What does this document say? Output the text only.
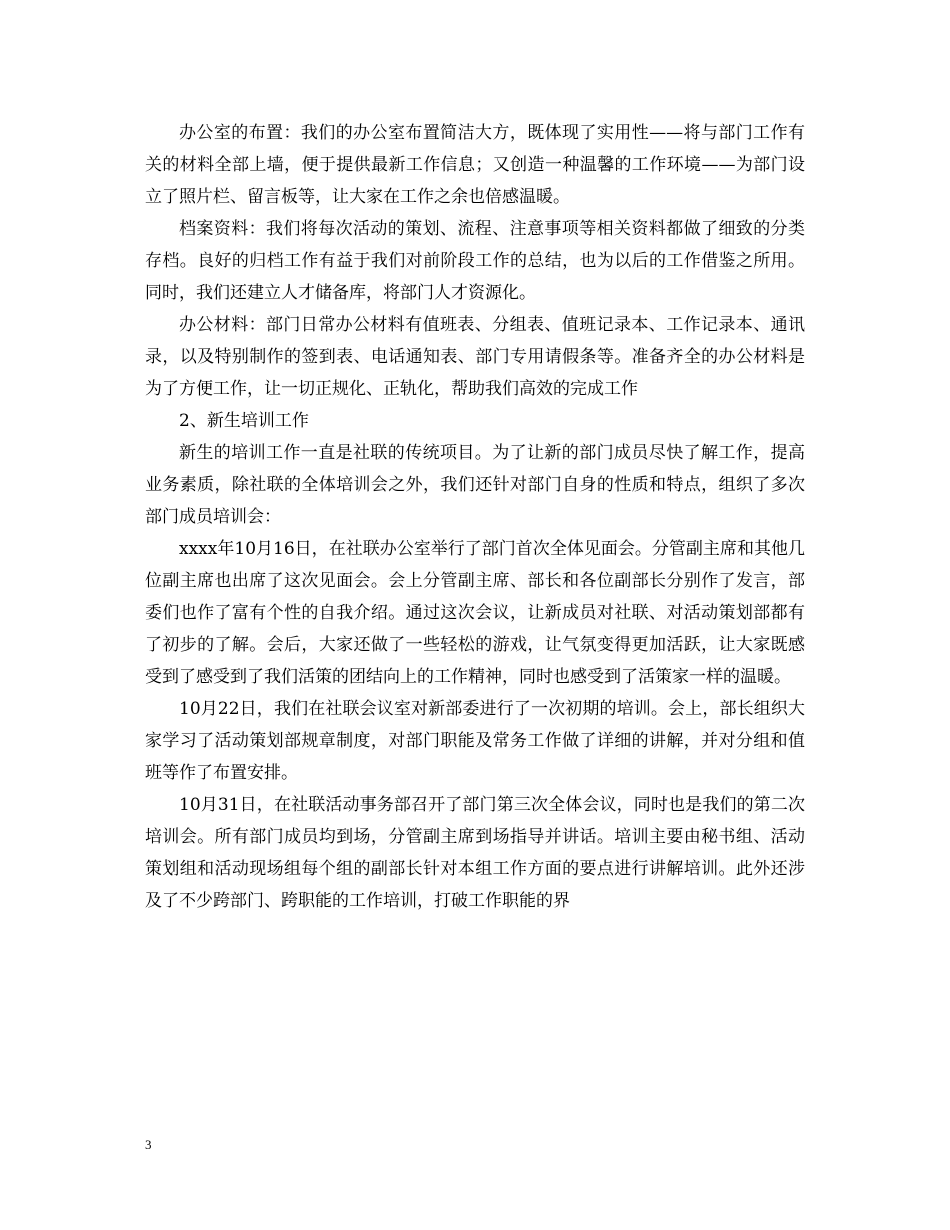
办公室的布置：我们的办公室布置简洁大方，既体现了实用性——将与部门工作有关的材料全部上墙，便于提供最新工作信息；又创造一种温馨的工作环境——为部门设立了照片栏、留言板等，让大家在工作之余也倍感温暖。

档案资料：我们将每次活动的策划、流程、注意事项等相关资料都做了细致的分类存档。良好的归档工作有益于我们对前阶段工作的总结，也为以后的工作借鉴之所用。同时，我们还建立人才储备库，将部门人才资源化。

办公材料：部门日常办公材料有值班表、分组表、值班记录本、工作记录本、通讯录，以及特别制作的签到表、电话通知表、部门专用请假条等。准备齐全的办公材料是为了方便工作，让一切正规化、正轨化，帮助我们高效的完成工作

2、新生培训工作

新生的培训工作一直是社联的传统项目。为了让新的部门成员尽快了解工作，提高业务素质，除社联的全体培训会之外，我们还针对部门自身的性质和特点，组织了多次部门成员培训会：

xxxx年10月16日，在社联办公室举行了部门首次全体见面会。分管副主席和其他几位副主席也出席了这次见面会。会上分管副主席、部长和各位副部长分别作了发言，部委们也作了富有个性的自我介绍。通过这次会议，让新成员对社联、对活动策划部都有了初步的了解。会后，大家还做了一些轻松的游戏，让气氛变得更加活跃，让大家既感受到了感受到了我们活策的团结向上的工作精神，同时也感受到了活策家一样的温暖。

10月22日，我们在社联会议室对新部委进行了一次初期的培训。会上，部长组织大家学习了活动策划部规章制度，对部门职能及常务工作做了详细的讲解，并对分组和值班等作了布置安排。

10月31日，在社联活动事务部召开了部门第三次全体会议，同时也是我们的第二次培训会。所有部门成员均到场，分管副主席到场指导并讲话。培训主要由秘书组、活动策划组和活动现场组每个组的副部长针对本组工作方面的要点进行讲解培训。此外还涉及了不少跨部门、跨职能的工作培训，打破工作职能的界

3
